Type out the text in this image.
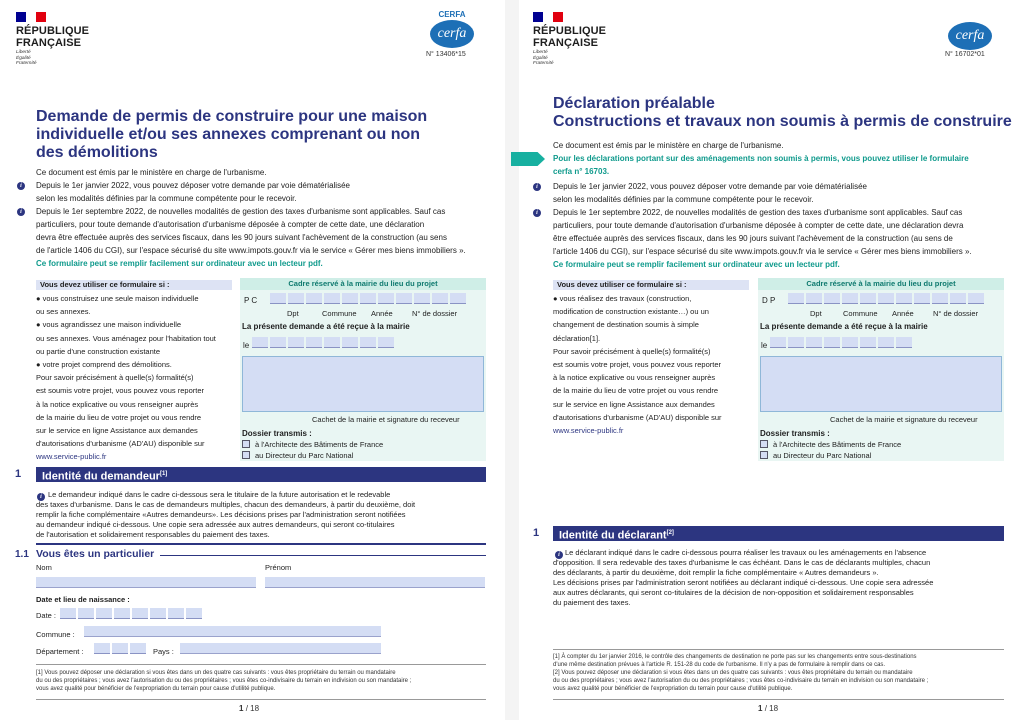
RÉPUBLIQUE
FRANÇAISE
Liberté
Égalité
Fraternité
CERFA
cerfa
N° 13406*15
Demande de permis de construire pour une maison
individuelle et/ou ses annexes comprenant ou non
des démolitions
Ce document est émis par le ministère en charge de l'urbanisme.
i	Depuis le 1er janvier 2022, vous pouvez déposer votre demande par voie dématérialisée
selon les modalités définies par la commune compétente pour le recevoir.
i	Depuis le 1er septembre 2022, de nouvelles modalités de gestion des taxes d'urbanisme sont applicables. Sauf cas
particuliers, pour toute demande d'autorisation d'urbanisme déposée à compter de cette date, une déclaration
devra être effectuée auprès des services fiscaux, dans les 90 jours suivant l'achèvement de la construction (au sens
de l'article 1406 du CGI), sur l'espace sécurisé du site www.impots.gouv.fr via le service « Gérer mes biens immobiliers ».
Ce formulaire peut se remplir facilement sur ordinateur avec un lecteur pdf.
Vous devez utiliser ce formulaire si :
● vous construisez une seule maison individuelle
ou ses annexes.
● vous agrandissez une maison individuelle
ou ses annexes. Vous aménagez pour l'habitation tout
ou partie d'une construction existante
● votre projet comprend des démolitions.
Pour savoir précisément à quelle(s) formalité(s)
est soumis votre projet, vous pouvez vous reporter
à la notice explicative ou vous renseigner auprès
de la mairie du lieu de votre projet ou vous rendre
sur le service en ligne Assistance aux demandes
d'autorisations d'urbanisme (AD'AU) disponible sur
www.service-public.fr
Cadre réservé à la mairie du lieu du projet
P C
Dpt	Commune Année	N° de dossier
La présente demande a été reçue à la mairie
le
Cachet de la mairie et signature du receveur
Dossier transmis :
à l'Architecte des Bâtiments de France
au Directeur du Parc National
1	Identité du demandeur[1]
i Le demandeur indiqué dans le cadre ci-dessous sera le titulaire de la future autorisation et le redevable
des taxes d'urbanisme. Dans le cas de demandeurs multiples, chacun des demandeurs, à partir du deuxième, doit
remplir la fiche complémentaire «Autres demandeurs». Les décisions prises par l'administration seront notifiées
au demandeur indiqué ci-dessous. Une copie sera adressée aux autres demandeurs, qui seront co-titulaires
de l'autorisation et solidairement responsables du paiement des taxes.
1.1 Vous êtes un particulier
Nom	Prénom
Date et lieu de naissance :
Date :
Commune :
Département :	Pays :
[1] Vous pouvez déposer une déclaration si vous êtes dans un des quatre cas suivants : vous êtes propriétaire du terrain ou mandataire
du ou des propriétaires ; vous avez l'autorisation du ou des propriétaires ; vous êtes co-indivisaire du terrain en indivision ou son mandataire ;
vous avez qualité pour bénéficier de l'expropriation du terrain pour cause d'utilité publique.
1 / 18
RÉPUBLIQUE
FRANÇAISE
Liberté
Égalité
Fraternité
cerfa
N° 16702*01
Déclaration préalable
Constructions et travaux non soumis à permis de construire
Ce document est émis par le ministère en charge de l'urbanisme.
Pour les déclarations portant sur des aménagements non soumis à permis, vous pouvez utiliser le formulaire
cerfa n° 16703.
i	Depuis le 1er janvier 2022, vous pouvez déposer votre demande par voie dématérialisée
selon les modalités définies par la commune compétente pour le recevoir.
i	Depuis le 1er septembre 2022, de nouvelles modalités de gestion des taxes d'urbanisme sont applicables. Sauf cas
particuliers, pour toute demande d'autorisation d'urbanisme déposée à compter de cette date, une déclaration devra
être effectuée auprès des services fiscaux, dans les 90 jours suivant l'achèvement de la construction (au sens de
l'article 1406 du CGI), sur l'espace sécurisé du site www.impots.gouv.fr via le service « Gérer mes biens immobiliers ».
Ce formulaire peut se remplir facilement sur ordinateur avec un lecteur pdf.
Vous devez utiliser ce formulaire si :
● vous réalisez des travaux (construction,
modification de construction existante…) ou un
changement de destination soumis à simple
déclaration[1].
Pour savoir précisément à quelle(s) formalité(s)
est soumis votre projet, vous pouvez vous reporter
à la notice explicative ou vous renseigner auprès
de la mairie du lieu de votre projet ou vous rendre
sur le service en ligne Assistance aux demandes
d'autorisations d'urbanisme (AD'AU) disponible sur
www.service-public.fr
Cadre réservé à la mairie du lieu du projet
D P
Dpt	Commune Année	N° de dossier
La présente demande a été reçue à la mairie
le
Cachet de la mairie et signature du receveur
Dossier transmis :
à l'Architecte des Bâtiments de France
au Directeur du Parc National
1	Identité du déclarant[2]
i Le déclarant indiqué dans le cadre ci-dessous pourra réaliser les travaux ou les aménagements en l'absence
d'opposition. Il sera redevable des taxes d'urbanisme le cas échéant. Dans le cas de déclarants multiples, chacun
des déclarants, à partir du deuxième, doit remplir la fiche complémentaire « Autres demandeurs ».
Les décisions prises par l'administration seront notifiées au déclarant indiqué ci-dessous. Une copie sera adressée
aux autres déclarants, qui seront co-titulaires de la décision de non-opposition et solidairement responsables
du paiement des taxes.
[1] À compter du 1er janvier 2016, le contrôle des changements de destination ne porte pas sur les changements entre sous-destinations
d'une même destination prévues à l'article R. 151-28 du code de l'urbanisme. Il n'y a pas de formulaire à remplir dans ce cas.
[2] Vous pouvez déposer une déclaration si vous êtes dans un des quatre cas suivants : vous êtes propriétaire du terrain ou mandataire
du ou des propriétaires ; vous avez l'autorisation du ou des propriétaires ; vous êtes co-indivisaire du terrain en indivision ou son mandataire ;
vous avez qualité pour bénéficier de l'expropriation du terrain pour cause d'utilité publique.
1 / 18
